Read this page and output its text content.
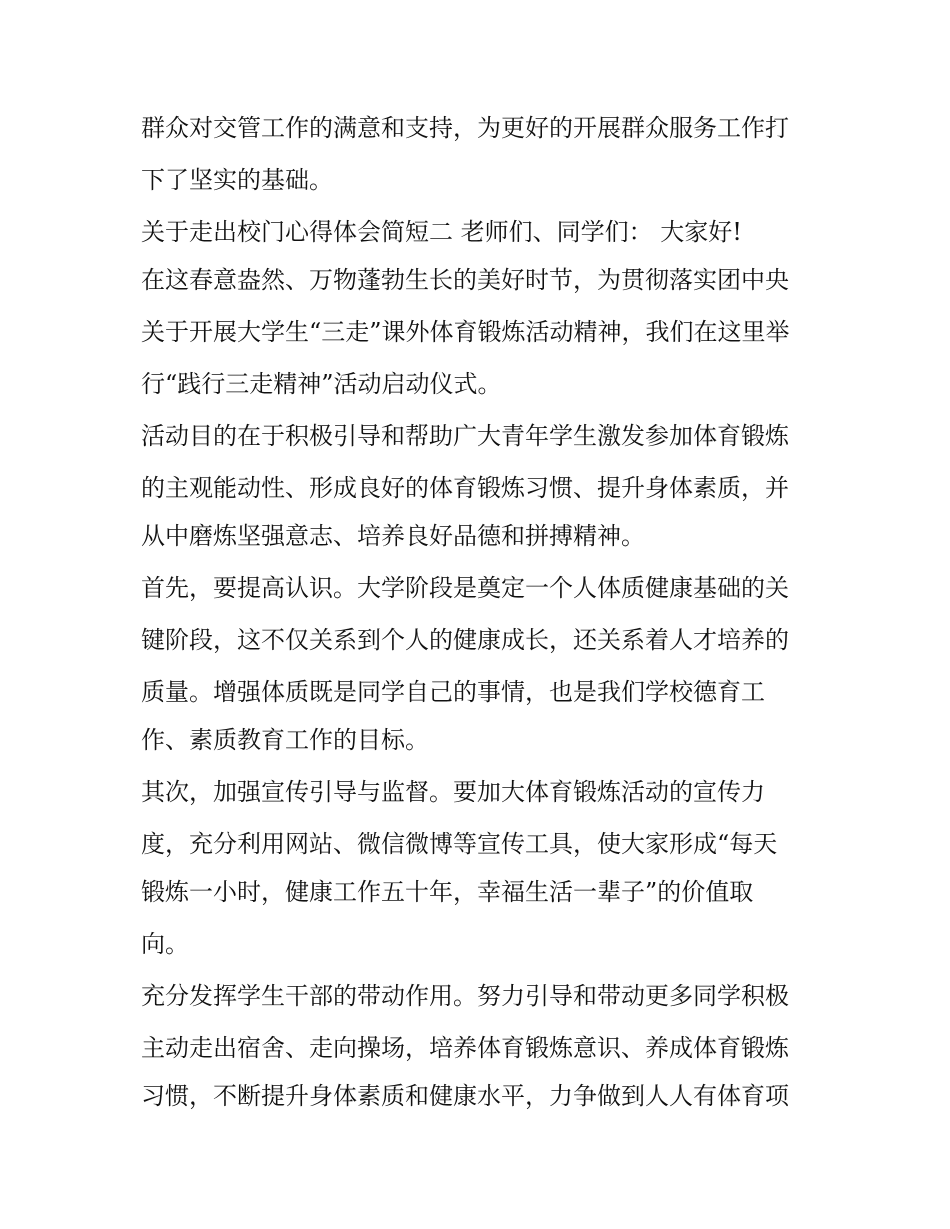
群众对交管工作的满意和支持，为更好的开展群众服务工作打
下了坚实的基础。
关于走出校门心得体会简短二 老师们、同学们： 大家好!
在这春意盎然、万物蓬勃生长的美好时节，为贯彻落实团中央
关于开展大学生“三走”课外体育锻炼活动精神，我们在这里举
行“践行三走精神”活动启动仪式。
活动目的在于积极引导和帮助广大青年学生激发参加体育锻炼
的主观能动性、形成良好的体育锻炼习惯、提升身体素质，并
从中磨炼坚强意志、培养良好品德和拼搏精神。
首先，要提高认识。大学阶段是奠定一个人体质健康基础的关
键阶段，这不仅关系到个人的健康成长，还关系着人才培养的
质量。增强体质既是同学自己的事情，也是我们学校德育工
作、素质教育工作的目标。
其次，加强宣传引导与监督。要加大体育锻炼活动的宣传力
度，充分利用网站、微信微博等宣传工具，使大家形成“每天
锻炼一小时，健康工作五十年，幸福生活一辈子”的价值取
向。
充分发挥学生干部的带动作用。努力引导和带动更多同学积极
主动走出宿舍、走向操场，培养体育锻炼意识、养成体育锻炼
习惯，不断提升身体素质和健康水平，力争做到人人有体育项
